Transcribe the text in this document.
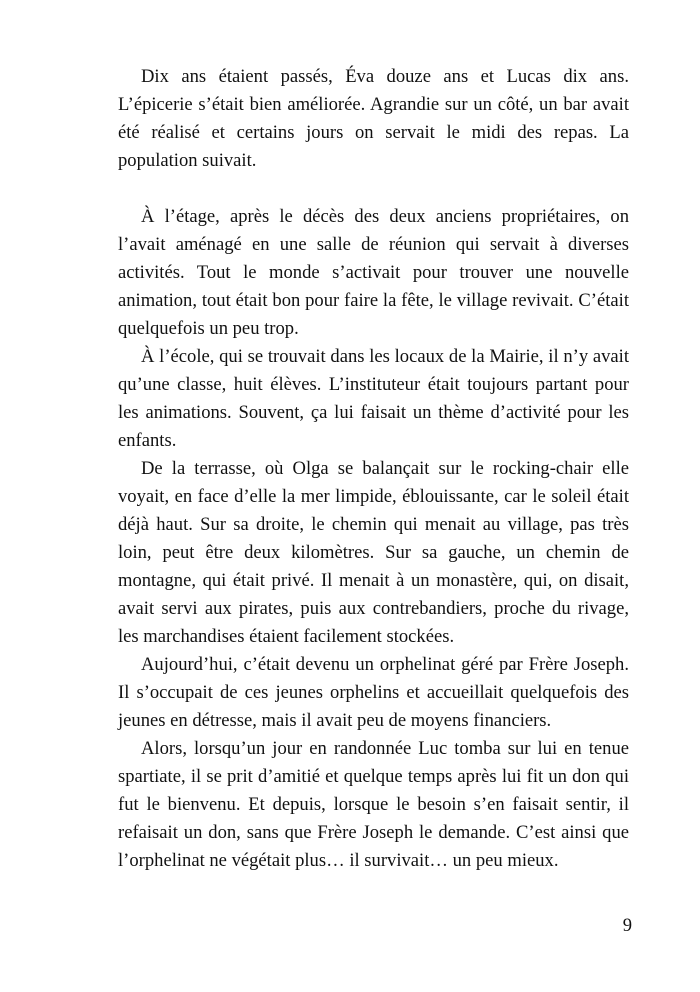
Dix ans étaient passés, Éva douze ans et Lucas dix ans. L’épicerie s’était bien améliorée. Agrandie sur un côté, un bar avait été réalisé et certains jours on servait le midi des repas. La population suivait.

À l’étage, après le décès des deux anciens propriétaires, on l’avait aménagé en une salle de réunion qui servait à diverses activités. Tout le monde s’activait pour trouver une nouvelle animation, tout était bon pour faire la fête, le village revivait. C’était quelquefois un peu trop.

À l’école, qui se trouvait dans les locaux de la Mairie, il n’y avait qu’une classe, huit élèves. L’instituteur était toujours partant pour les animations. Souvent, ça lui faisait un thème d’activité pour les enfants.

De la terrasse, où Olga se balançait sur le rocking-chair elle voyait, en face d’elle la mer limpide, éblouissante, car le soleil était déjà haut. Sur sa droite, le chemin qui menait au village, pas très loin, peut être deux kilomètres. Sur sa gauche, un chemin de montagne, qui était privé. Il menait à un monastère, qui, on disait, avait servi aux pirates, puis aux contrebandiers, proche du rivage, les marchandises étaient facilement stockées.

Aujourd’hui, c’était devenu un orphelinat géré par Frère Joseph. Il s’occupait de ces jeunes orphelins et accueillait quelquefois des jeunes en détresse, mais il avait peu de moyens financiers.

Alors, lorsqu’un jour en randonnée Luc tomba sur lui en tenue spartiate, il se prit d’amitié et quelque temps après lui fit un don qui fut le bienvenu. Et depuis, lorsque le besoin s’en faisait sentir, il refaisait un don, sans que Frère Joseph le demande. C’est ainsi que l’orphelinat ne végétait plus… il survivait… un peu mieux.

9
